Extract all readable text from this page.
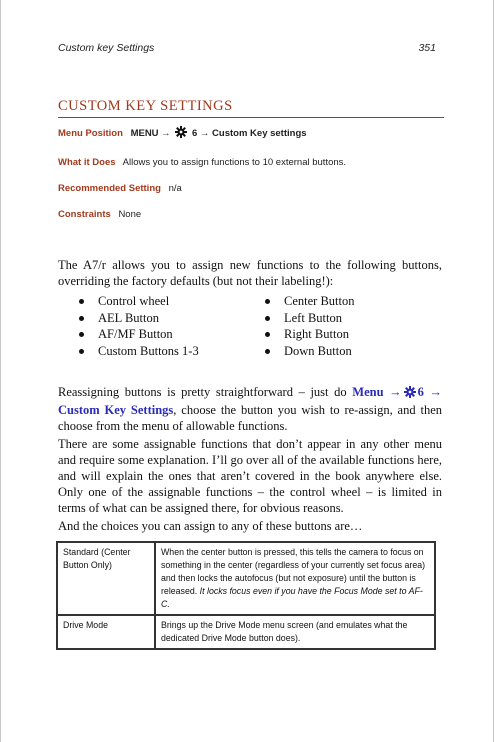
Custom key Settings	351
CUSTOM KEY SETTINGS
Menu Position MENU → 6 → Custom Key settings
What it Does Allows you to assign functions to 10 external buttons.
Recommended Setting n/a
Constraints None

The A7/r allows you to assign new functions to the following buttons, overriding the factory defaults (but not their labeling!):

Control wheel
AEL Button
AF/MF Button
Custom Buttons 1-3
Center Button
Left Button
Right Button
Down Button

Reassigning buttons is pretty straightforward – just do Menu → 6 → Custom Key Settings, choose the button you wish to re-assign, and then choose from the menu of allowable functions.

There are some assignable functions that don’t appear in any other menu and require some explanation. I’ll go over all of the available functions here, and will explain the ones that aren’t covered in the book anywhere else. Only one of the assignable functions – the control wheel – is limited in terms of what can be assigned there, for obvious reasons.

And the choices you can assign to any of these buttons are…

Standard (Center Button Only)
When the center button is pressed, this tells the camera to focus on something in the center (regardless of your currently set focus area) and then locks the autofocus (but not exposure) until the button is released. It locks focus even if you have the Focus Mode set to AF-C.
Drive Mode	Brings up the Drive Mode menu screen (and emulates what the dedicated Drive Mode button does).
